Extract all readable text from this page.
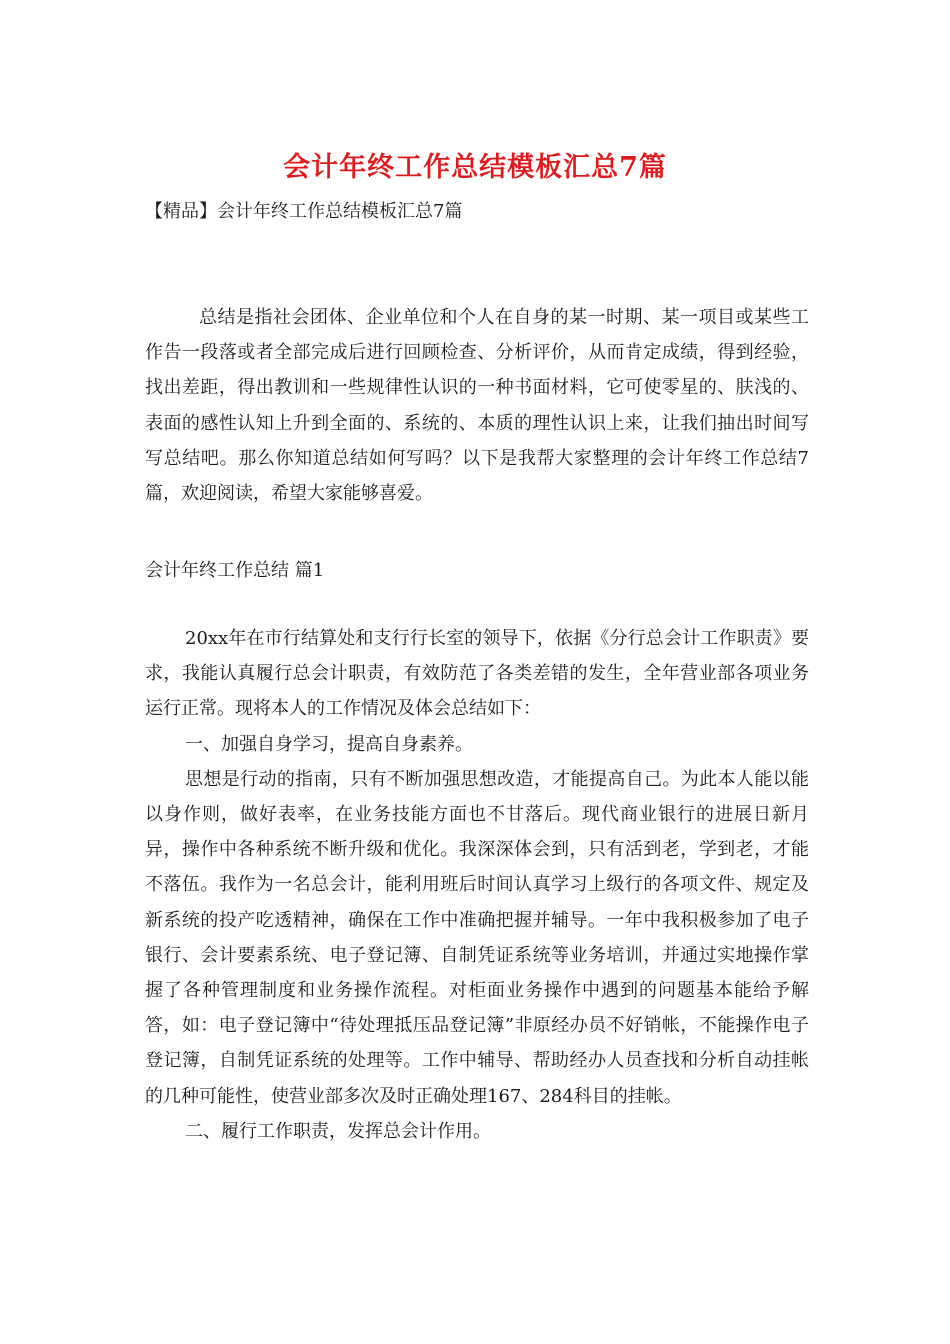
会计年终工作总结模板汇总7篇

【精品】会计年终工作总结模板汇总7篇

总结是指社会团体、企业单位和个人在自身的某一时期、某一项目或某些工作告一段落或者全部完成后进行回顾检查、分析评价，从而肯定成绩，得到经验，找出差距，得出教训和一些规律性认识的一种书面材料，它可使零星的、肤浅的、表面的感性认知上升到全面的、系统的、本质的理性认识上来，让我们抽出时间写写总结吧。那么你知道总结如何写吗？以下是我帮大家整理的会计年终工作总结7篇，欢迎阅读，希望大家能够喜爱。

会计年终工作总结 篇1

20xx年在市行结算处和支行行长室的领导下，依据《分行总会计工作职责》要求，我能认真履行总会计职责，有效防范了各类差错的发生，全年营业部各项业务运行正常。现将本人的工作情况及体会总结如下：

一、加强自身学习，提高自身素养。

思想是行动的指南，只有不断加强思想改造，才能提高自己。为此本人能以能以身作则，做好表率，在业务技能方面也不甘落后。现代商业银行的进展日新月异，操作中各种系统不断升级和优化。我深深体会到，只有活到老，学到老，才能不落伍。我作为一名总会计，能利用班后时间认真学习上级行的各项文件、规定及新系统的投产吃透精神，确保在工作中准确把握并辅导。一年中我积极参加了电子银行、会计要素系统、电子登记簿、自制凭证系统等业务培训，并通过实地操作掌握了各种管理制度和业务操作流程。对柜面业务操作中遇到的问题基本能给予解答，如：电子登记簿中“待处理抵压品登记簿”非原经办员不好销帐，不能操作电子登记簿，自制凭证系统的处理等。工作中辅导、帮助经办人员查找和分析自动挂帐的几种可能性，使营业部多次及时正确处理167、284科目的挂帐。

二、履行工作职责，发挥总会计作用。
